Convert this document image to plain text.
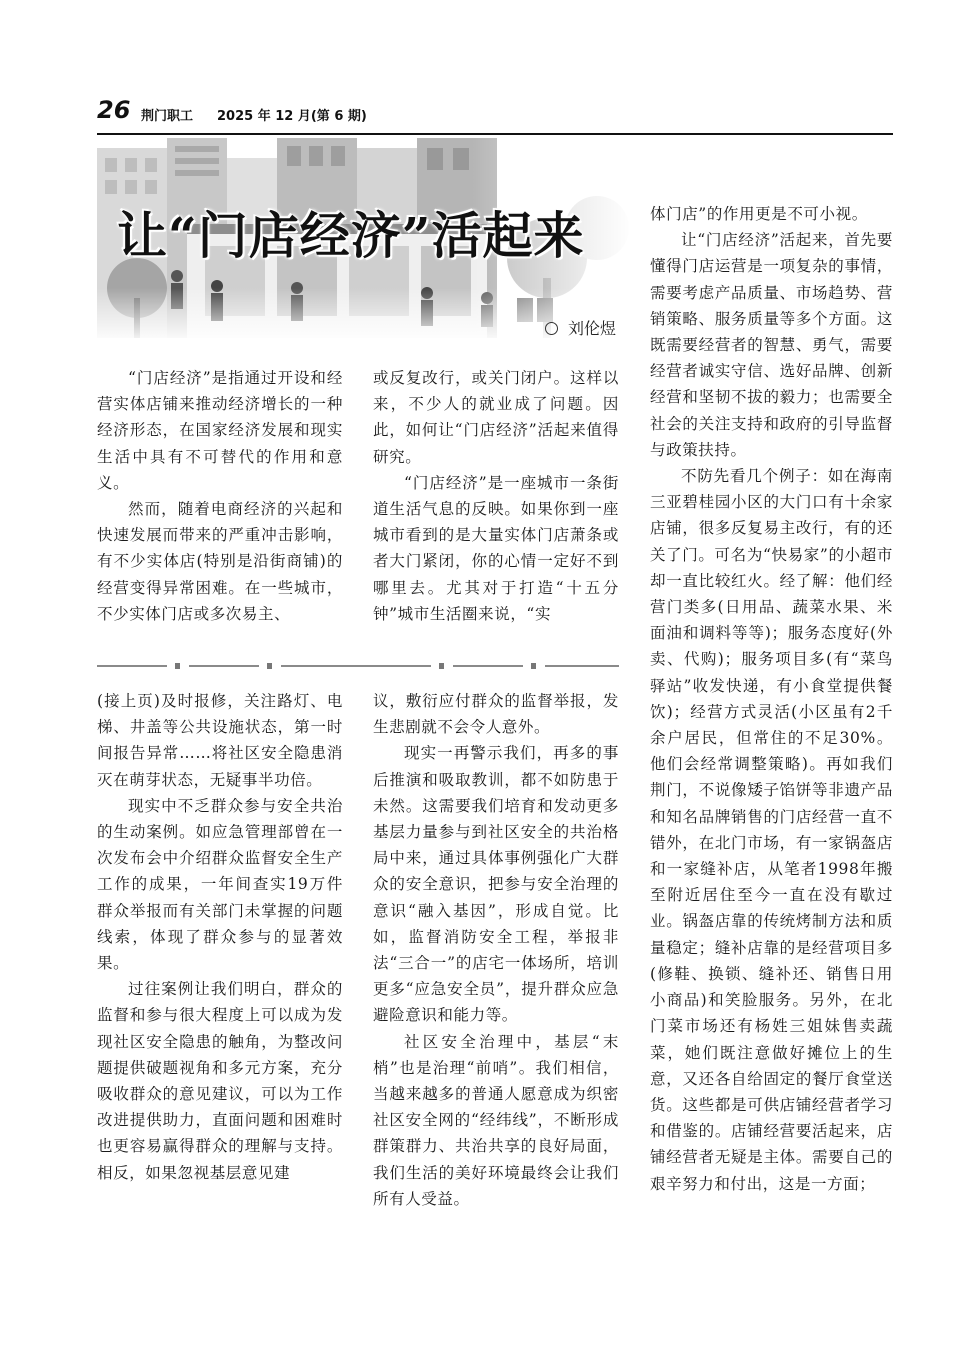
26 荆门职工 2025 年 12 月(第 6 期)
让“门店经济”活起来
刘伦煜

“门店经济”是指通过开设和经营实体店铺来推动经济增长的一种经济形态，在国家经济发展和现实生活中具有不可替代的作用和意义。

然而，随着电商经济的兴起和快速发展而带来的严重冲击影响，有不少实体店(特别是沿街商铺)的经营变得异常困难。在一些城市，不少实体门店或多次易主、

或反复改行，或关门闭户。这样以来，不少人的就业成了问题。因此，如何让“门店经济”活起来值得研究。

“门店经济”是一座城市一条街道生活气息的反映。如果你到一座城市看到的是大量实体门店萧条或者大门紧闭，你的心情一定好不到哪里去。尤其对于打造“十五分钟”城市生活圈来说，“实

体门店”的作用更是不可小视。

让“门店经济”活起来，首先要懂得门店运营是一项复杂的事情，需要考虑产品质量、市场趋势、营销策略、服务质量等多个方面。这既需要经营者的智慧、勇气，需要经营者诚实守信、选好品牌、创新经营和坚韧不拔的毅力；也需要全社会的关注支持和政府的引导监督与政策扶持。

不防先看几个例子：如在海南三亚碧桂园小区的大门口有十余家店铺，很多反复易主改行，有的还关了门。可名为“快易家”的小超市却一直比较红火。经了解：他们经营门类多(日用品、蔬菜水果、米面油和调料等等)；服务态度好(外卖、代购)；服务项目多(有“菜鸟驿站”收发快递，有小食堂提供餐饮)；经营方式灵活(小区虽有2千余户居民，但常住的不足30%。他们会经常调整策略)。再如我们荆门，不说像矮子馅饼等非遗产品和知名品牌销售的门店经营一直不错外，在北门市场，有一家锅盔店和一家缝补店，从笔者1998年搬至附近居住至今一直在没有歇过业。锅盔店靠的传统烤制方法和质量稳定；缝补店靠的是经营项目多(修鞋、换锁、缝补还、销售日用小商品)和笑脸服务。另外，在北门菜市场还有杨姓三姐妹售卖蔬菜，她们既注意做好摊位上的生意，又还各自给固定的餐厅食堂送货。这些都是可供店铺经营者学习和借鉴的。店铺经营要活起来，店铺经营者无疑是主体。需要自己的艰辛努力和付出，这是一方面；

(接上页)及时报修，关注路灯、电梯、井盖等公共设施状态，第一时间报告异常……将社区安全隐患消灭在萌芽状态，无疑事半功倍。

现实中不乏群众参与安全共治的生动案例。如应急管理部曾在一次发布会中介绍群众监督安全生产工作的成果，一年间查实19万件群众举报而有关部门未掌握的问题线索，体现了群众参与的显著效果。

过往案例让我们明白，群众的监督和参与很大程度上可以成为发现社区安全隐患的触角，为整改问题提供破题视角和多元方案，充分吸收群众的意见建议，可以为工作改进提供助力，直面问题和困难时也更容易赢得群众的理解与支持。相反，如果忽视基层意见建

议，敷衍应付群众的监督举报，发生悲剧就不会令人意外。

现实一再警示我们，再多的事后推演和吸取教训，都不如防患于未然。这需要我们培育和发动更多基层力量参与到社区安全的共治格局中来，通过具体事例强化广大群众的安全意识，把参与安全治理的意识“融入基因”，形成自觉。比如，监督消防安全工程，举报非法“三合一”的店宅一体场所，培训更多“应急安全员”，提升群众应急避险意识和能力等。

社区安全治理中，基层“末梢”也是治理“前哨”。我们相信，当越来越多的普通人愿意成为织密社区安全网的“经纬线”，不断形成群策群力、共治共享的良好局面，我们生活的美好环境最终会让我们所有人受益。
